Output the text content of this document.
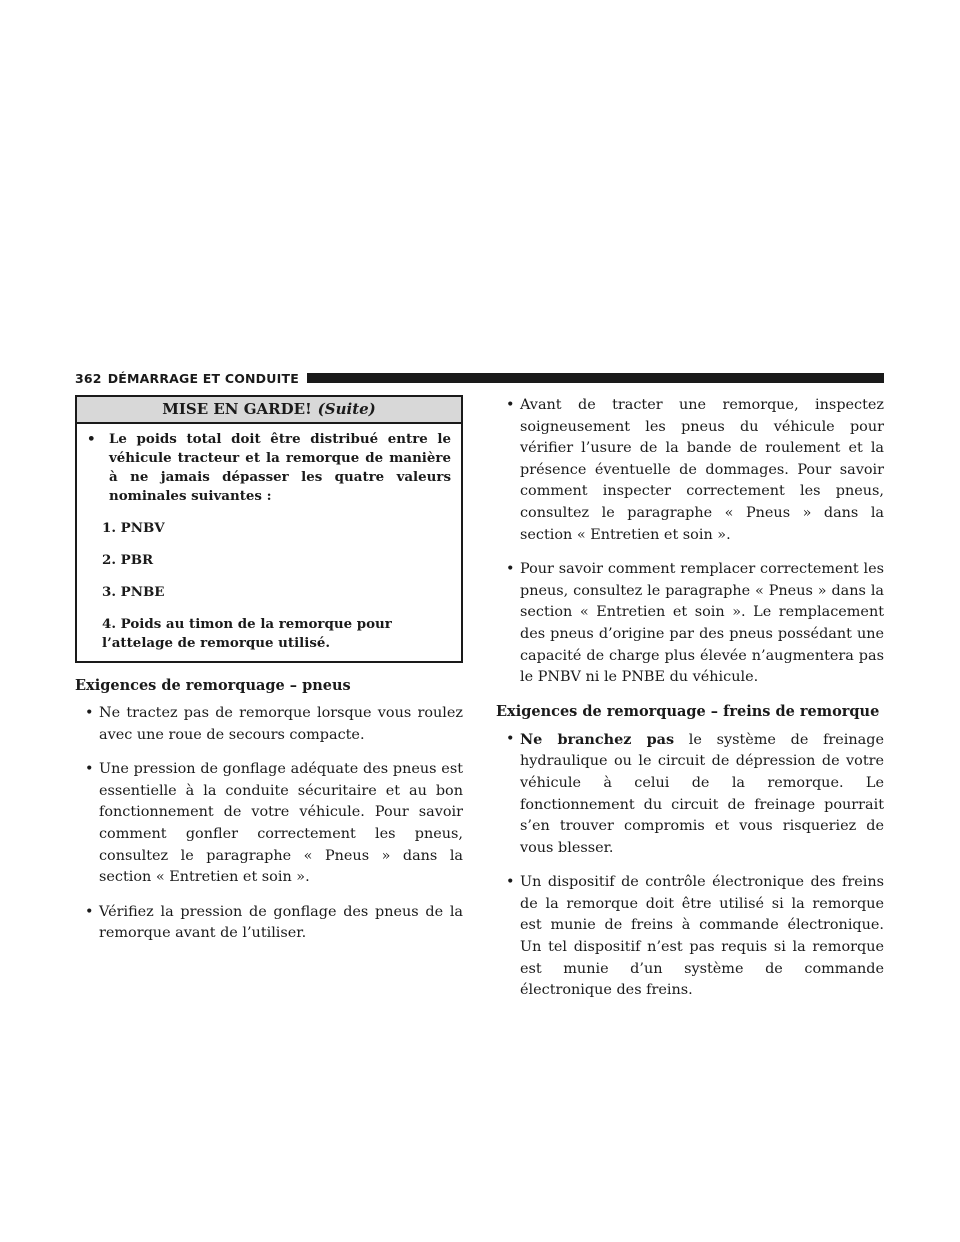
362 DÉMARRAGE ET CONDUITE
MISE EN GARDE! (Suite)
• Le poids total doit être distribué entre le véhicule tracteur et la remorque de manière à ne jamais dépasser les quatre valeurs nominales suivantes :
1. PNBV
2. PBR
3. PNBE
4. Poids au timon de la remorque pour l’attelage de remorque utilisé.
Exigences de remorquage – pneus
• Ne tractez pas de remorque lorsque vous roulez avec une roue de secours compacte.
• Une pression de gonflage adéquate des pneus est essentielle à la conduite sécuritaire et au bon fonctionnement de votre véhicule. Pour savoir comment gonfler correctement les pneus, consultez le paragraphe « Pneus » dans la section « Entretien et soin ».
• Vérifiez la pression de gonflage des pneus de la remorque avant de l’utiliser.
• Avant de tracter une remorque, inspectez soigneusement les pneus du véhicule pour vérifier l’usure de la bande de roulement et la présence éventuelle de dommages. Pour savoir comment inspecter correctement les pneus, consultez le paragraphe « Pneus » dans la section « Entretien et soin ».
• Pour savoir comment remplacer correctement les pneus, consultez le paragraphe « Pneus » dans la section « Entretien et soin ». Le remplacement des pneus d’origine par des pneus possédant une capacité de charge plus élevée n’augmentera pas le PNBV ni le PNBE du véhicule.
Exigences de remorquage – freins de remorque
• Ne branchez pas le système de freinage hydraulique ou le circuit de dépression de votre véhicule à celui de la remorque. Le fonctionnement du circuit de freinage pourrait s’en trouver compromis et vous risqueriez de vous blesser.
• Un dispositif de contrôle électronique des freins de la remorque doit être utilisé si la remorque est munie de freins à commande électronique. Un tel dispositif n’est pas requis si la remorque est munie d’un système de commande électronique des freins.
